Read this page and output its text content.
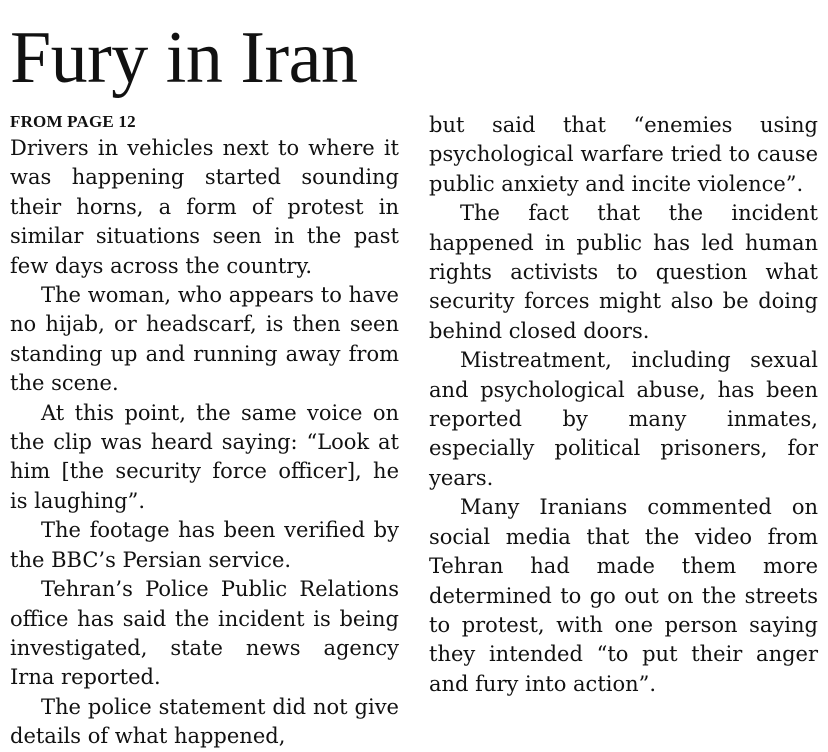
Fury in Iran
FROM PAGE 12

Drivers in vehicles next to where it was happening started sounding their horns, a form of protest in similar situations seen in the past few days across the country.

The woman, who appears to have no hijab, or headscarf, is then seen standing up and running away from the scene.

At this point, the same voice on the clip was heard saying: “Look at him [the security force officer], he is laughing”.

The footage has been verified by the BBC’s Persian service.

Tehran’s Police Public Relations office has said the incident is being investigated, state news agency Irna reported.

The police statement did not give details of what happened,

but said that “enemies using psychological warfare tried to cause public anxiety and incite violence”.

The fact that the incident happened in public has led human rights activists to question what security forces might also be doing behind closed doors.

Mistreatment, including sexual and psychological abuse, has been reported by many inmates, especially political prisoners, for years.

Many Iranians commented on social media that the video from Tehran had made them more determined to go out on the streets to protest, with one person saying they intended “to put their anger and fury into action”.
